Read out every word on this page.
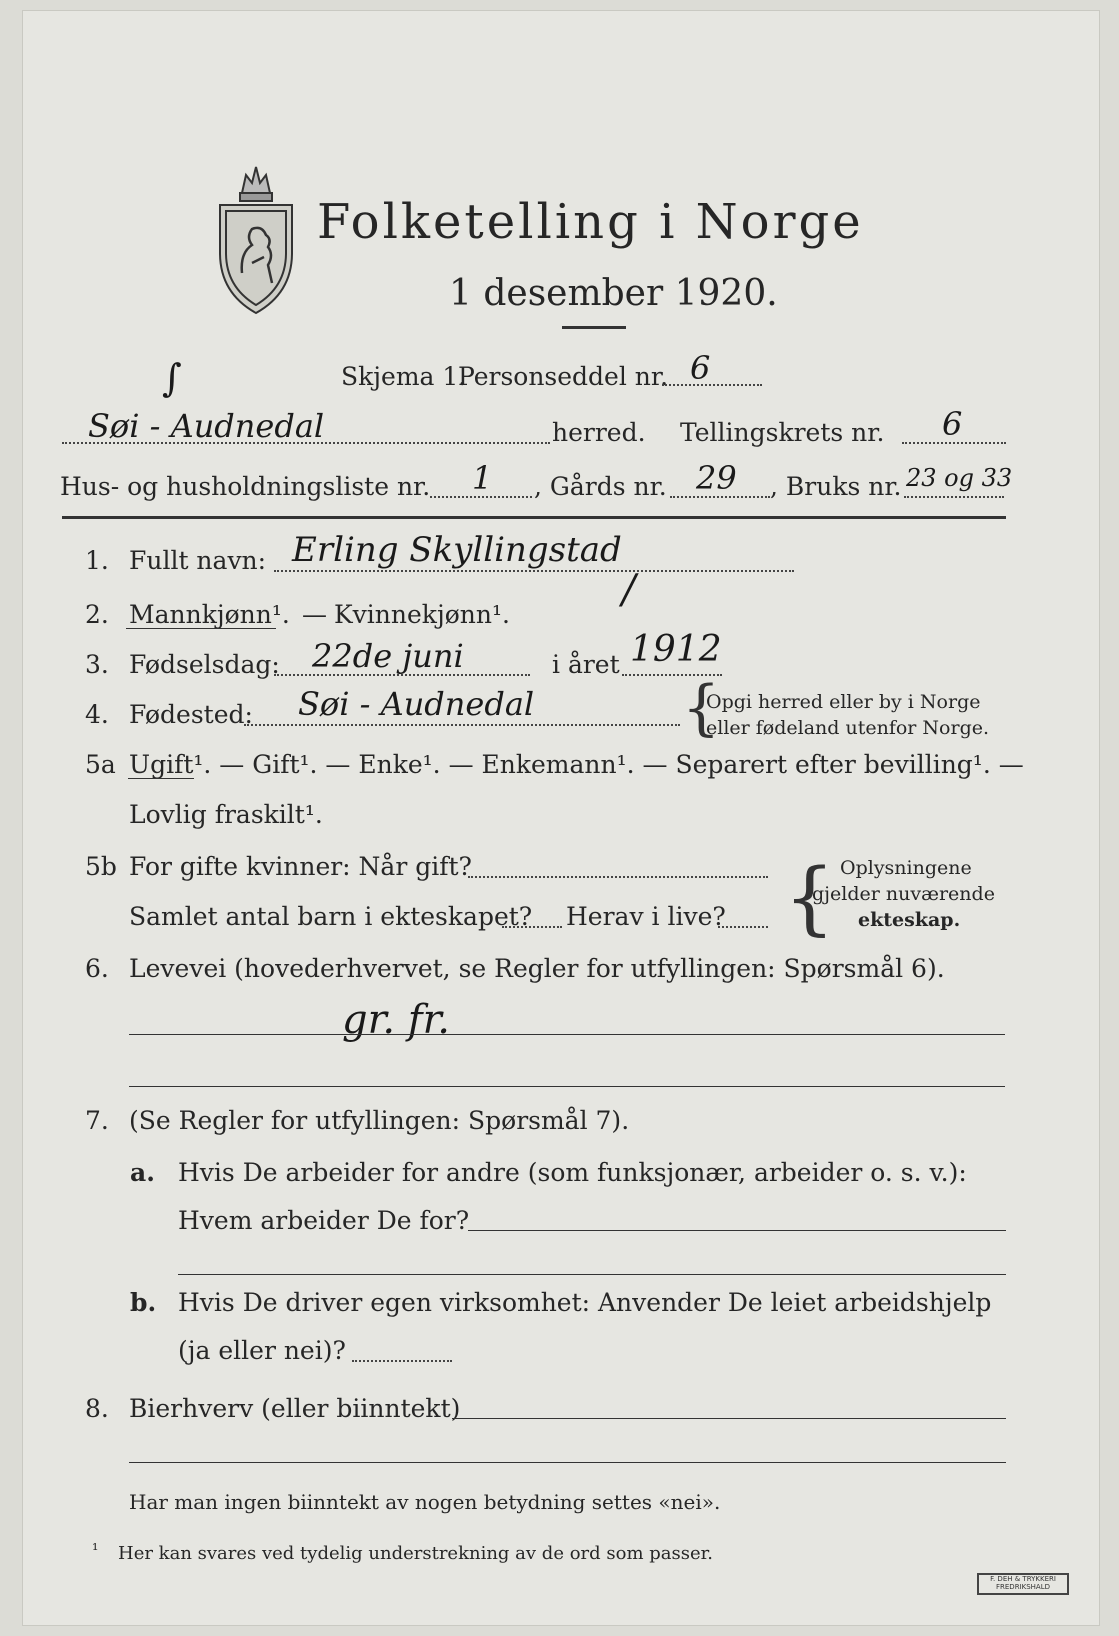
Folketelling i Norge
1 desember 1920.
Skjema 1.
Personseddel nr. 6
∫
Søi - Audnedal	herred. Tellingskrets nr. 6
Hus- og husholdningsliste nr. 1 , Gårds nr. 29 , Bruks nr. 23 og 33
1. Fullt navn: Erling Skyllingstad
2. Mannkjønn¹. — Kvinnekjønn¹.
/
3. Fødselsdag: 22de juni	i året 1912
4. Fødested: Søi - Audnedal {
Opgi herred eller by i Norge
eller fødeland utenfor Norge.
5a Ugift¹. — Gift¹. — Enke¹. — Enkemann¹. — Separert efter bevilling¹. —
Lovlig fraskilt¹.
5b For gifte kvinner: Når gift?
Samlet antal barn i ekteskapet? Herav i live? { Oplysningene
gjelder nuværende
ekteskap.
6. Levevei (hovederhvervet, se Regler for utfyllingen: Spørsmål 6).
gr. fr.
7. (Se Regler for utfyllingen: Spørsmål 7).
a. Hvis De arbeider for andre (som funksjonær, arbeider o. s. v.):
Hvem arbeider De for?
b. Hvis De driver egen virksomhet: Anvender De leiet arbeidshjelp
(ja eller nei)?
8. Bierhverv (eller biinntekt)
Har man ingen biinntekt av nogen betydning settes «nei».
¹ Her kan svares ved tydelig understrekning av de ord som passer.
F. DEH & TRYKKERI FREDRIKSHALD
